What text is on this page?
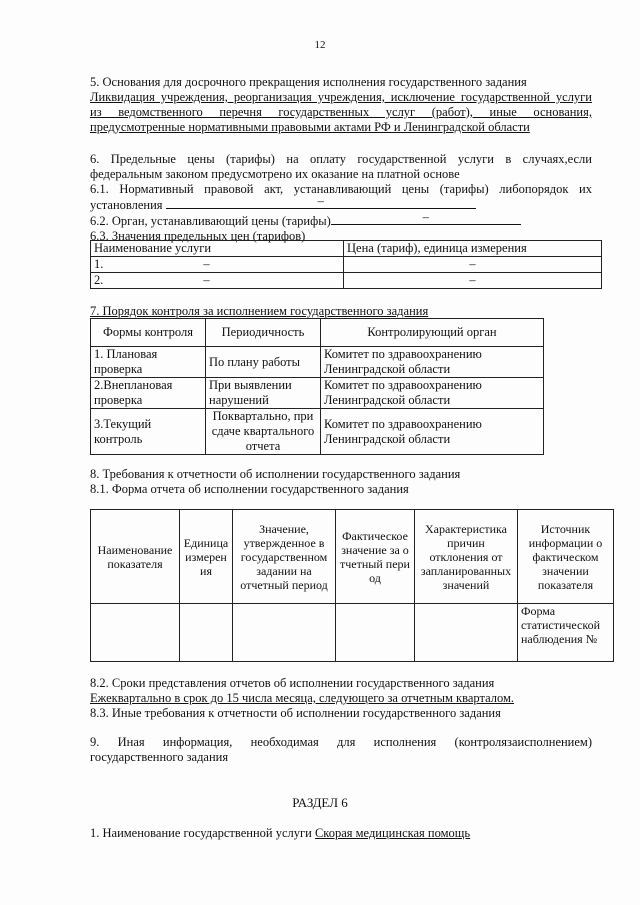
12
5. Основания для досрочного прекращения исполнения государственного задания
Ликвидация учреждения, реорганизация учреждения, исключение государственной услуги
из ведомственного перечня государственных услуг (работ), иные основания,
предусмотренные нормативными правовыми актами РФ и Ленинградской области
6. Предельные цены (тарифы) на оплату государственной услуги в случаях,если
федеральным законом предусмотрено их оказание на платной основе
6.1. Нормативный правовой акт, устанавливающий цены (тарифы) либопорядок их
установления	–
6.2. Орган, устанавливающий цены (тарифы)	–
6.3. Значения предельных цен (тарифов)
Наименование услуги	Цена (тариф), единица измерения
1. –	–
2. –	–
7. Порядок контроля за исполнением государственного задания
Формы контроля	Периодичность	Контролирующий орган
1. Плановая проверка	По плану работы	Комитет по здравоохранению Ленинградской области
2.Внеплановая проверка	При выявлении нарушений	Комитет по здравоохранению Ленинградской области
3.Текущий контроль	Поквартально, при сдаче квартального отчета	Комитет по здравоохранению Ленинградской области
8. Требования к отчетности об исполнении государственного задания
8.1. Форма отчета об исполнении государственного задания
Наименование показателя	Единица измерения	Значение, утвержденное в государственном задании на отчетный период	Фактическое значение за отчетный период	Характеристика причин отклонения от запланированных значений	Источник информации о фактическом значении показателя
					Форма статистической наблюдения №
8.2. Сроки представления отчетов об исполнении государственного задания
Ежеквартально в срок до 15 числа месяца, следующего за отчетным кварталом.
8.3. Иные требования к отчетности об исполнении государственного задания
9. Иная информация, необходимая для исполнения (контролязаисполнением)
государственного задания
РАЗДЕЛ 6
1. Наименование государственной услуги Скорая медицинская помощь
